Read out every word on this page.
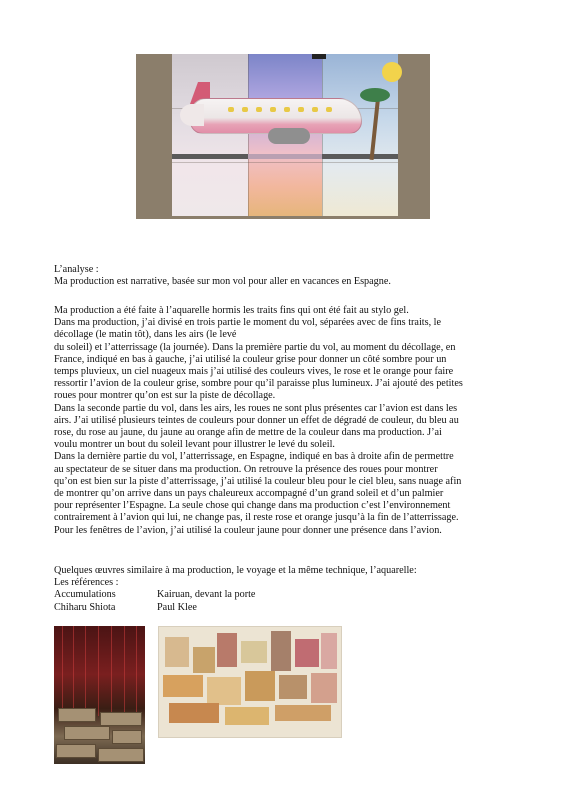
L’analyse :

Ma production est narrative, basée sur mon vol pour aller en vacances en Espagne.

Ma production a été faite à l’aquarelle hormis les traits fins qui ont été fait au stylo gel.

Dans ma production, j’ai divisé en trois partie le moment du vol, séparées avec de fins traits, le

décollage (le matin tôt), dans les airs (le levé

du soleil) et l’atterrissage (la journée). Dans la première partie du vol, au moment du décollage, en

France, indiqué en bas à gauche, j’ai utilisé la couleur grise pour donner un côté sombre pour un

temps pluvieux, un ciel nuageux mais j’ai utilisé des couleurs vives, le rose et le orange pour faire

ressortir l’avion de la couleur grise, sombre pour qu’il paraisse plus lumineux. J’ai ajouté des petites

roues pour montrer qu’on est sur la piste de décollage.

Dans la seconde partie du vol, dans les airs, les roues ne sont plus présentes car l’avion est dans les

airs. J’ai utilisé plusieurs teintes de couleurs pour donner un effet de dégradé de couleur, du bleu au

rose, du rose au jaune, du jaune au orange afin de mettre de la couleur dans ma production. J’ai

voulu montrer un bout du soleil levant pour illustrer le levé du soleil.

Dans la dernière partie du vol, l’atterrissage, en Espagne, indiqué en bas à droite afin de permettre

au spectateur de se situer dans ma production. On retrouve la présence des roues pour montrer

qu’on est bien sur la piste d’atterrissage, j’ai utilisé la couleur bleu pour le ciel bleu, sans nuage afin

de montrer qu’on arrive dans un pays chaleureux accompagné d’un grand soleil et d’un palmier

pour représenter l’Espagne. La seule chose qui change dans ma production c’est l’environnement

contrairement à l’avion qui lui, ne change pas, il reste rose et orange jusqu’à la fin de l’atterrissage.

Pour les fenêtres de l’avion, j’ai utilisé la couleur jaune pour donner une présence dans l’avion.

Quelques œuvres similaire à ma production, le voyage et la même technique, l’aquarelle:

Les références :

Accumulations	Kairuan, devant la porte

Chiharu Shiota	Paul Klee
